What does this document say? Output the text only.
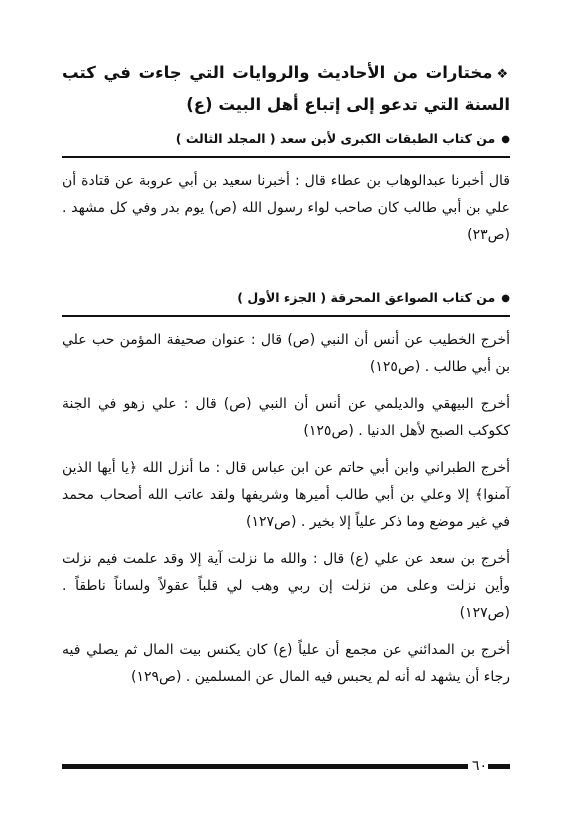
❖مختارات من الأحاديث والروايات التي جاءت في كتب السنة التي تدعو إلى إتباع أهل البيت (ع)

●من كتاب الطبقات الكبرى لأبن سعد ( المجلد الثالث )

قال أخبرنا عبدالوهاب بن عطاء قال : أخبرنا سعيد بن أبي عروبة عن قتادة أن علي بن أبي طالب كان صاحب لواء رسول الله (ص) يوم بدر وفي كل مشهد . (ص٢٣)

●من كتاب الصواعق المحرقة ( الجزء الأول )

أخرج الخطيب عن أنس أن النبي (ص) قال : عنوان صحيفة المؤمن حب علي بن أبي طالب . (ص١٢٥)

أخرج البيهقي والديلمي عن أنس أن النبي (ص) قال : علي زهو في الجنة ككوكب الصبح لأهل الدنيا . (ص١٢٥)

أخرج الطبراني وابن أبي حاتم عن ابن عباس قال : ما أنزل الله ﴿يا أيها الذين آمنوا﴾ إلا وعلي بن أبي طالب أميرها وشريفها ولقد عاتب الله أصحاب محمد في غير موضع وما ذكر علياً إلا بخير . (ص١٢٧)

أخرج بن سعد عن علي (ع) قال : والله ما نزلت آية إلا وقد علمت فيم نزلت وأين نزلت وعلى من نزلت إن ربي وهب لي قلباً عقولاً ولساناً ناطقاً . (ص١٢٧)

أخرج بن المدائني عن مجمع أن علياً (ع) كان يكنس بيت المال ثم يصلي فيه رجاء أن يشهد له أنه لم يحبس فيه المال عن المسلمين . (ص١٢٩)

٦٠
